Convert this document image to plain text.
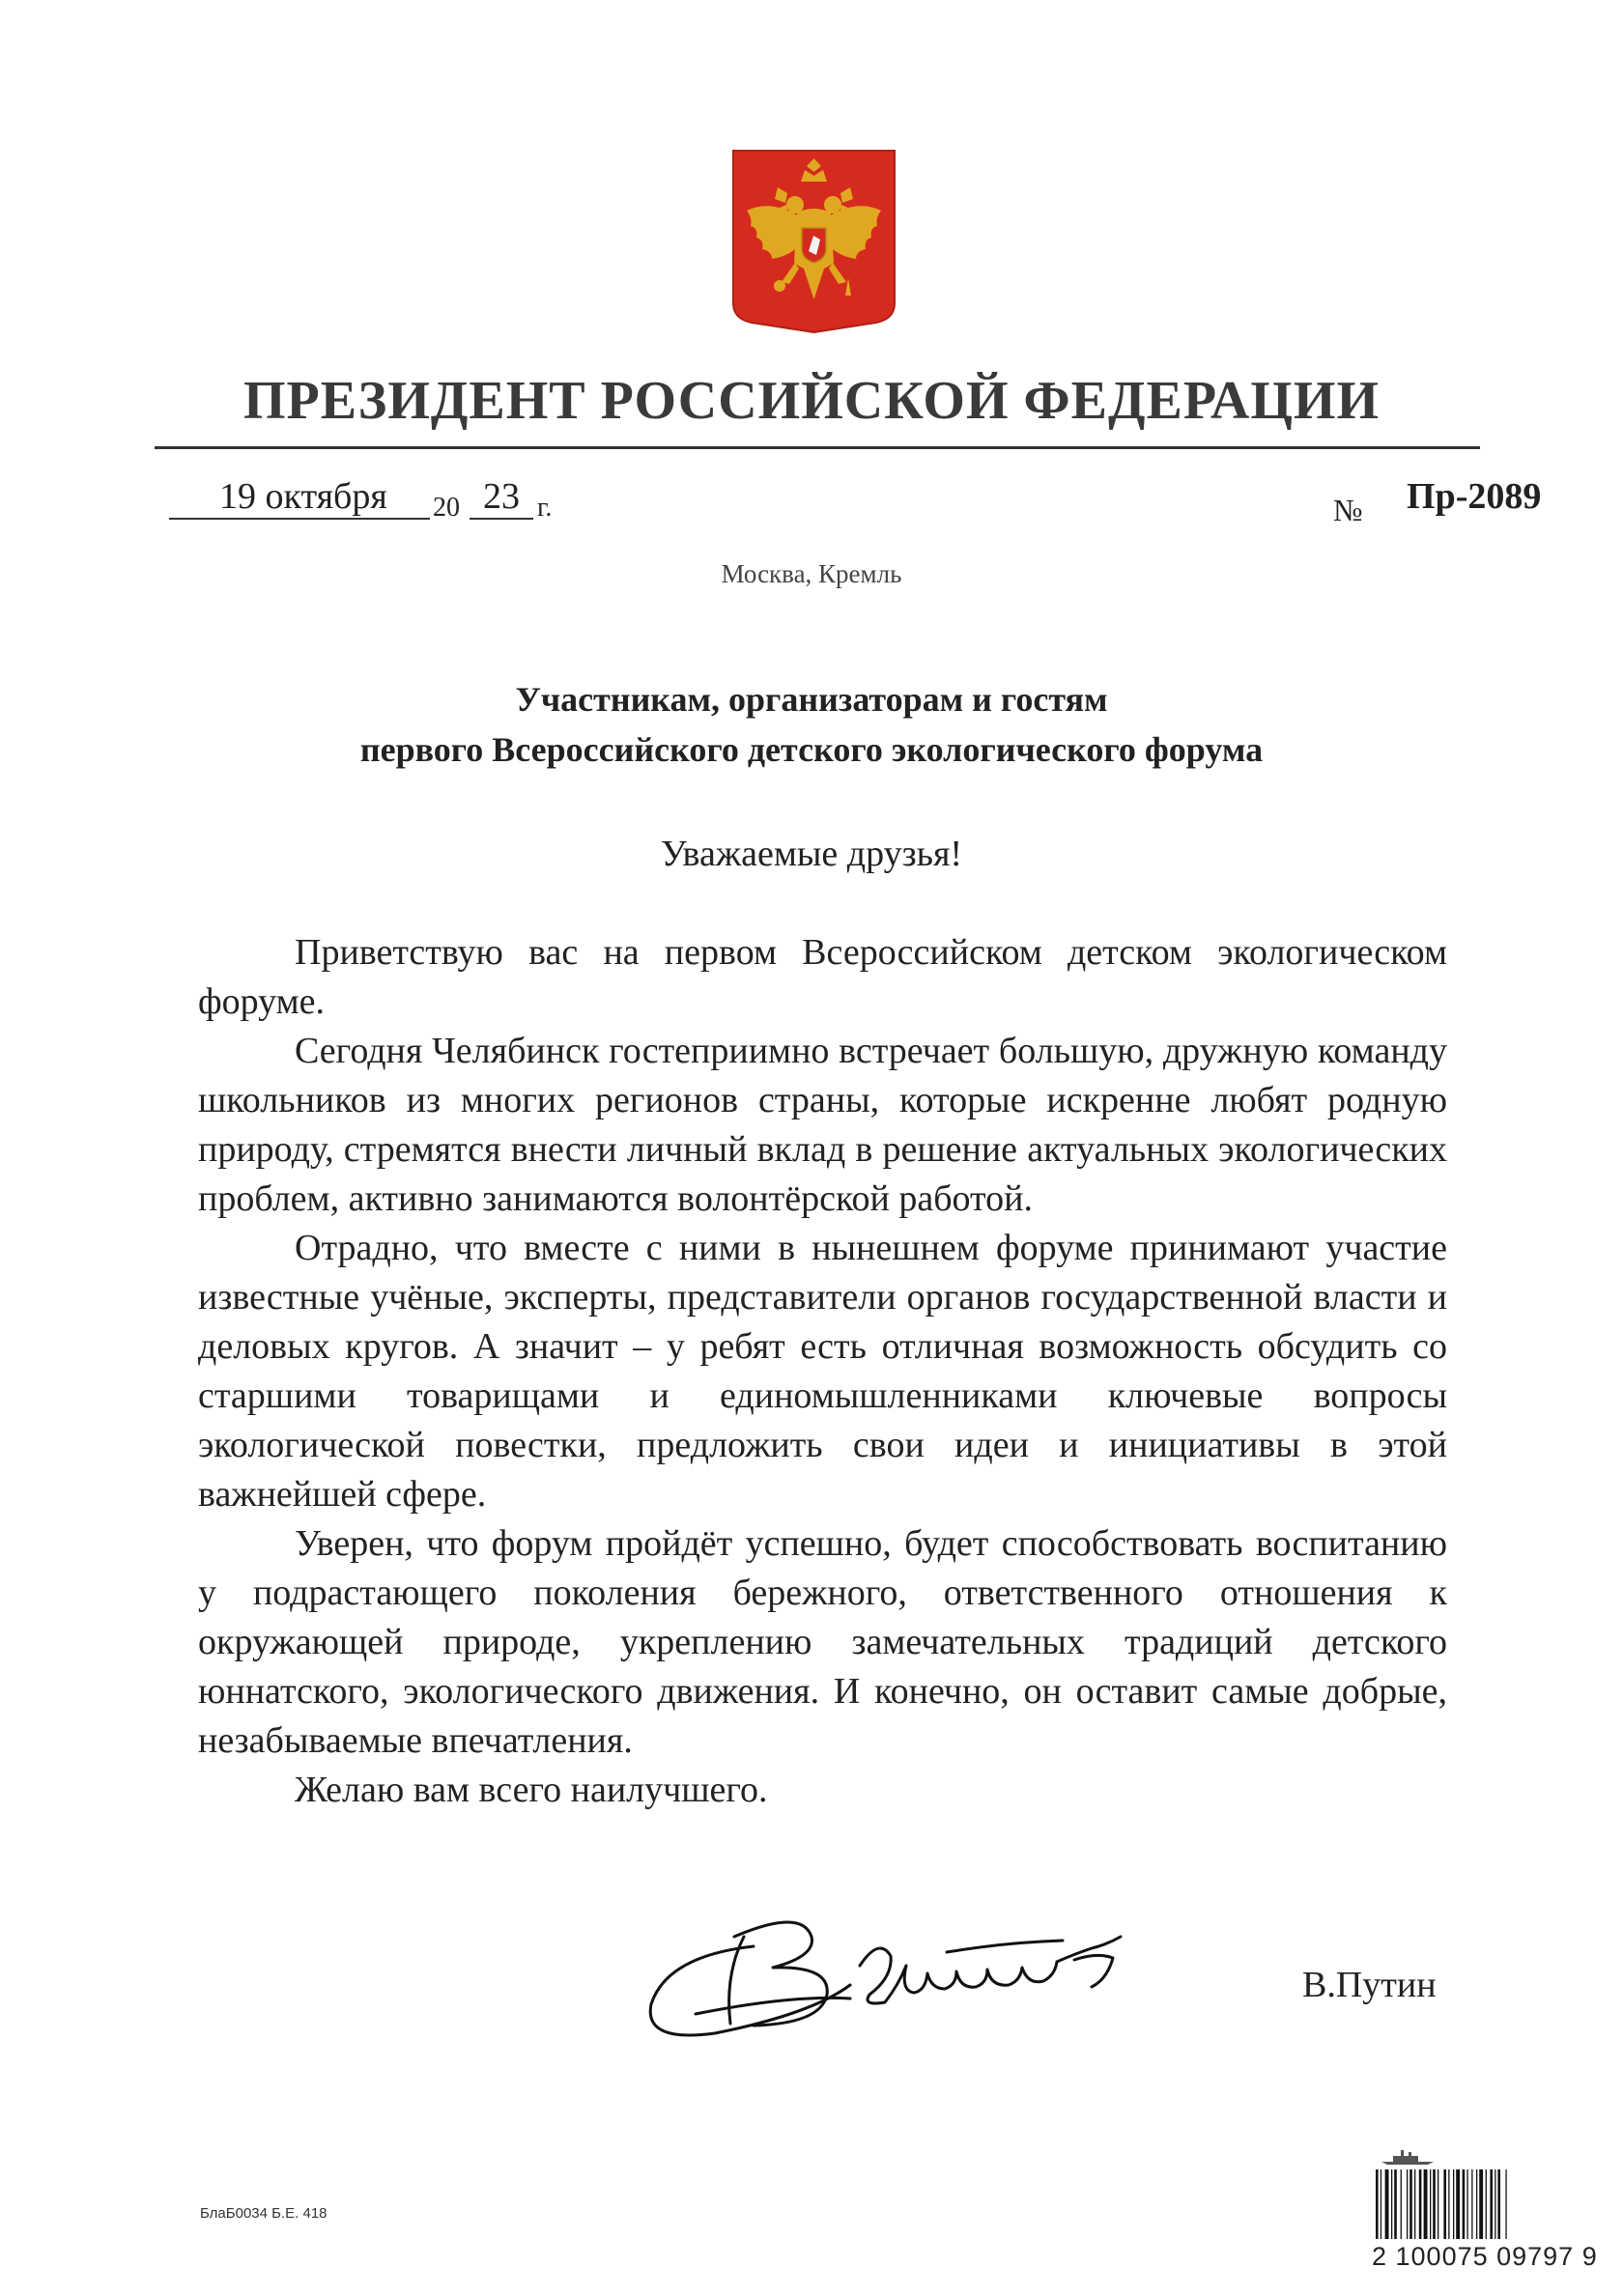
ПРЕЗИДЕНТ РОССИЙСКОЙ ФЕДЕРАЦИИ
19 октября	20 23 г.	№ Пр-2089
Москва, Кремль
Участникам, организаторам и гостям
первого Всероссийского детского экологического форума
Уважаемые друзья!

Приветствую вас на первом Всероссийском детском экологическом форуме.

Сегодня Челябинск гостеприимно встречает большую, дружную команду школьников из многих регионов страны, которые искренне любят родную природу, стремятся внести личный вклад в решение актуальных экологических проблем, активно занимаются волонтёрской работой.

Отрадно, что вместе с ними в нынешнем форуме принимают участие известные учёные, эксперты, представители органов государственной власти и деловых кругов. А значит – у ребят есть отличная возможность обсудить со старшими товарищами и единомышленниками ключевые вопросы экологической повестки, предложить свои идеи и инициативы в этой важнейшей сфере.

Уверен, что форум пройдёт успешно, будет способствовать воспитанию у подрастающего поколения бережного, ответственного отношения к окружающей природе, укреплению замечательных традиций детского юннатского, экологического движения. И конечно, он оставит самые добрые, незабываемые впечатления.

Желаю вам всего наилучшего.

В.Путин
БлаБ0034 Б.Е. 418
2 100075 09797 9
